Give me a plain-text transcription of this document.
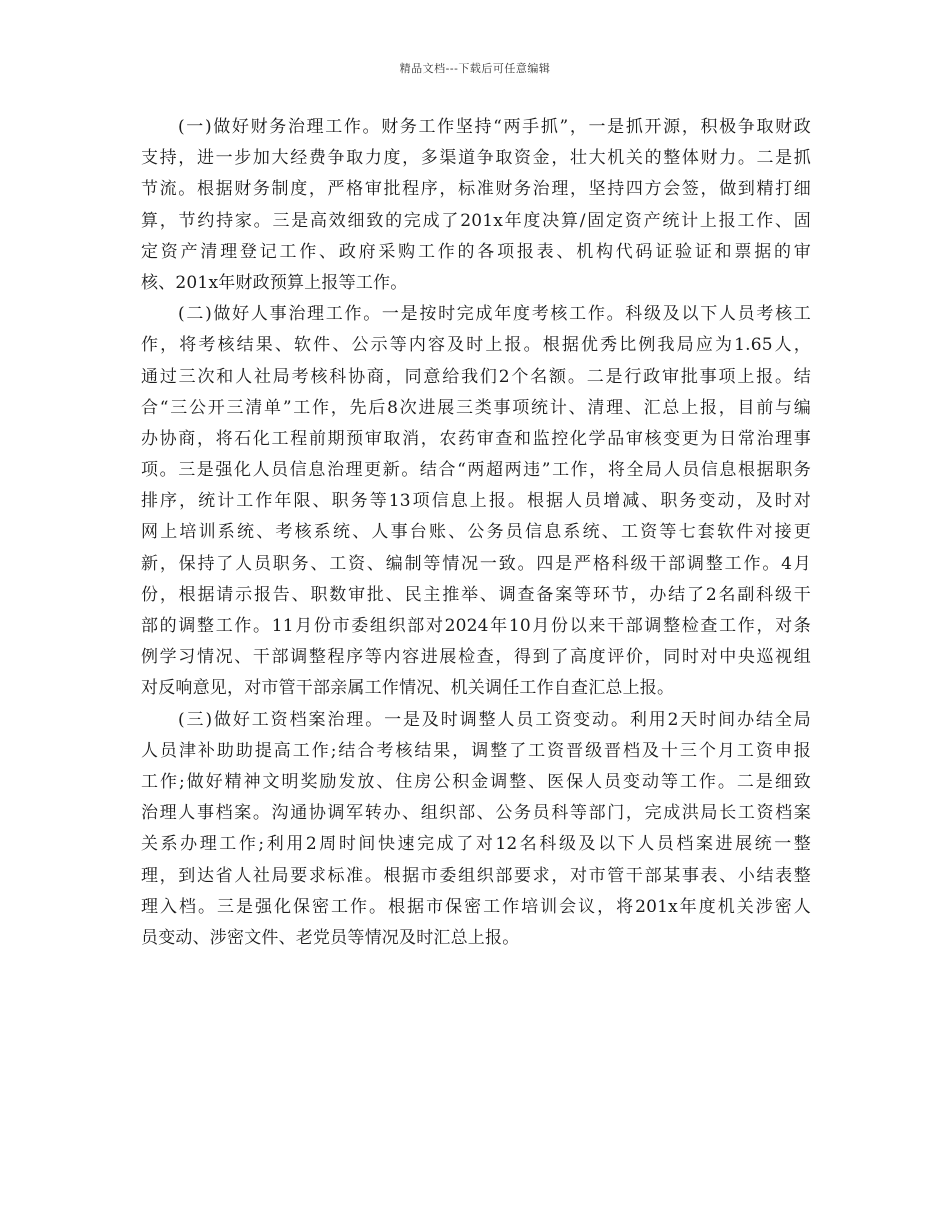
精品文档---下载后可任意编辑
(一)做好财务治理工作。财务工作坚持“两手抓”，一是抓开源，积极争取财政
支持，进一步加大经费争取力度，多渠道争取资金，壮大机关的整体财力。二是抓
节流。根据财务制度，严格审批程序，标准财务治理，坚持四方会签，做到精打细
算，节约持家。三是高效细致的完成了201x年度决算/固定资产统计上报工作、固
定资产清理登记工作、政府采购工作的各项报表、机构代码证验证和票据的审
核、201x年财政预算上报等工作。
(二)做好人事治理工作。一是按时完成年度考核工作。科级及以下人员考核工
作，将考核结果、软件、公示等内容及时上报。根据优秀比例我局应为1.65人，
通过三次和人社局考核科协商，同意给我们2个名额。二是行政审批事项上报。结
合“三公开三清单”工作，先后8次进展三类事项统计、清理、汇总上报，目前与编
办协商，将石化工程前期预审取消，农药审查和监控化学品审核变更为日常治理事
项。三是强化人员信息治理更新。结合“两超两违”工作，将全局人员信息根据职务
排序，统计工作年限、职务等13项信息上报。根据人员增减、职务变动，及时对
网上培训系统、考核系统、人事台账、公务员信息系统、工资等七套软件对接更
新，保持了人员职务、工资、编制等情况一致。四是严格科级干部调整工作。4月
份，根据请示报告、职数审批、民主推举、调查备案等环节，办结了2名副科级干
部的调整工作。11月份市委组织部对2024年10月份以来干部调整检查工作，对条
例学习情况、干部调整程序等内容进展检查，得到了高度评价，同时对中央巡视组
对反响意见，对市管干部亲属工作情况、机关调任工作自查汇总上报。
(三)做好工资档案治理。一是及时调整人员工资变动。利用2天时间办结全局
人员津补助助提高工作;结合考核结果，调整了工资晋级晋档及十三个月工资申报
工作;做好精神文明奖励发放、住房公积金调整、医保人员变动等工作。二是细致
治理人事档案。沟通协调军转办、组织部、公务员科等部门，完成洪局长工资档案
关系办理工作;利用2周时间快速完成了对12名科级及以下人员档案进展统一整
理，到达省人社局要求标准。根据市委组织部要求，对市管干部某事表、小结表整
理入档。三是强化保密工作。根据市保密工作培训会议，将201x年度机关涉密人
员变动、涉密文件、老党员等情况及时汇总上报。
